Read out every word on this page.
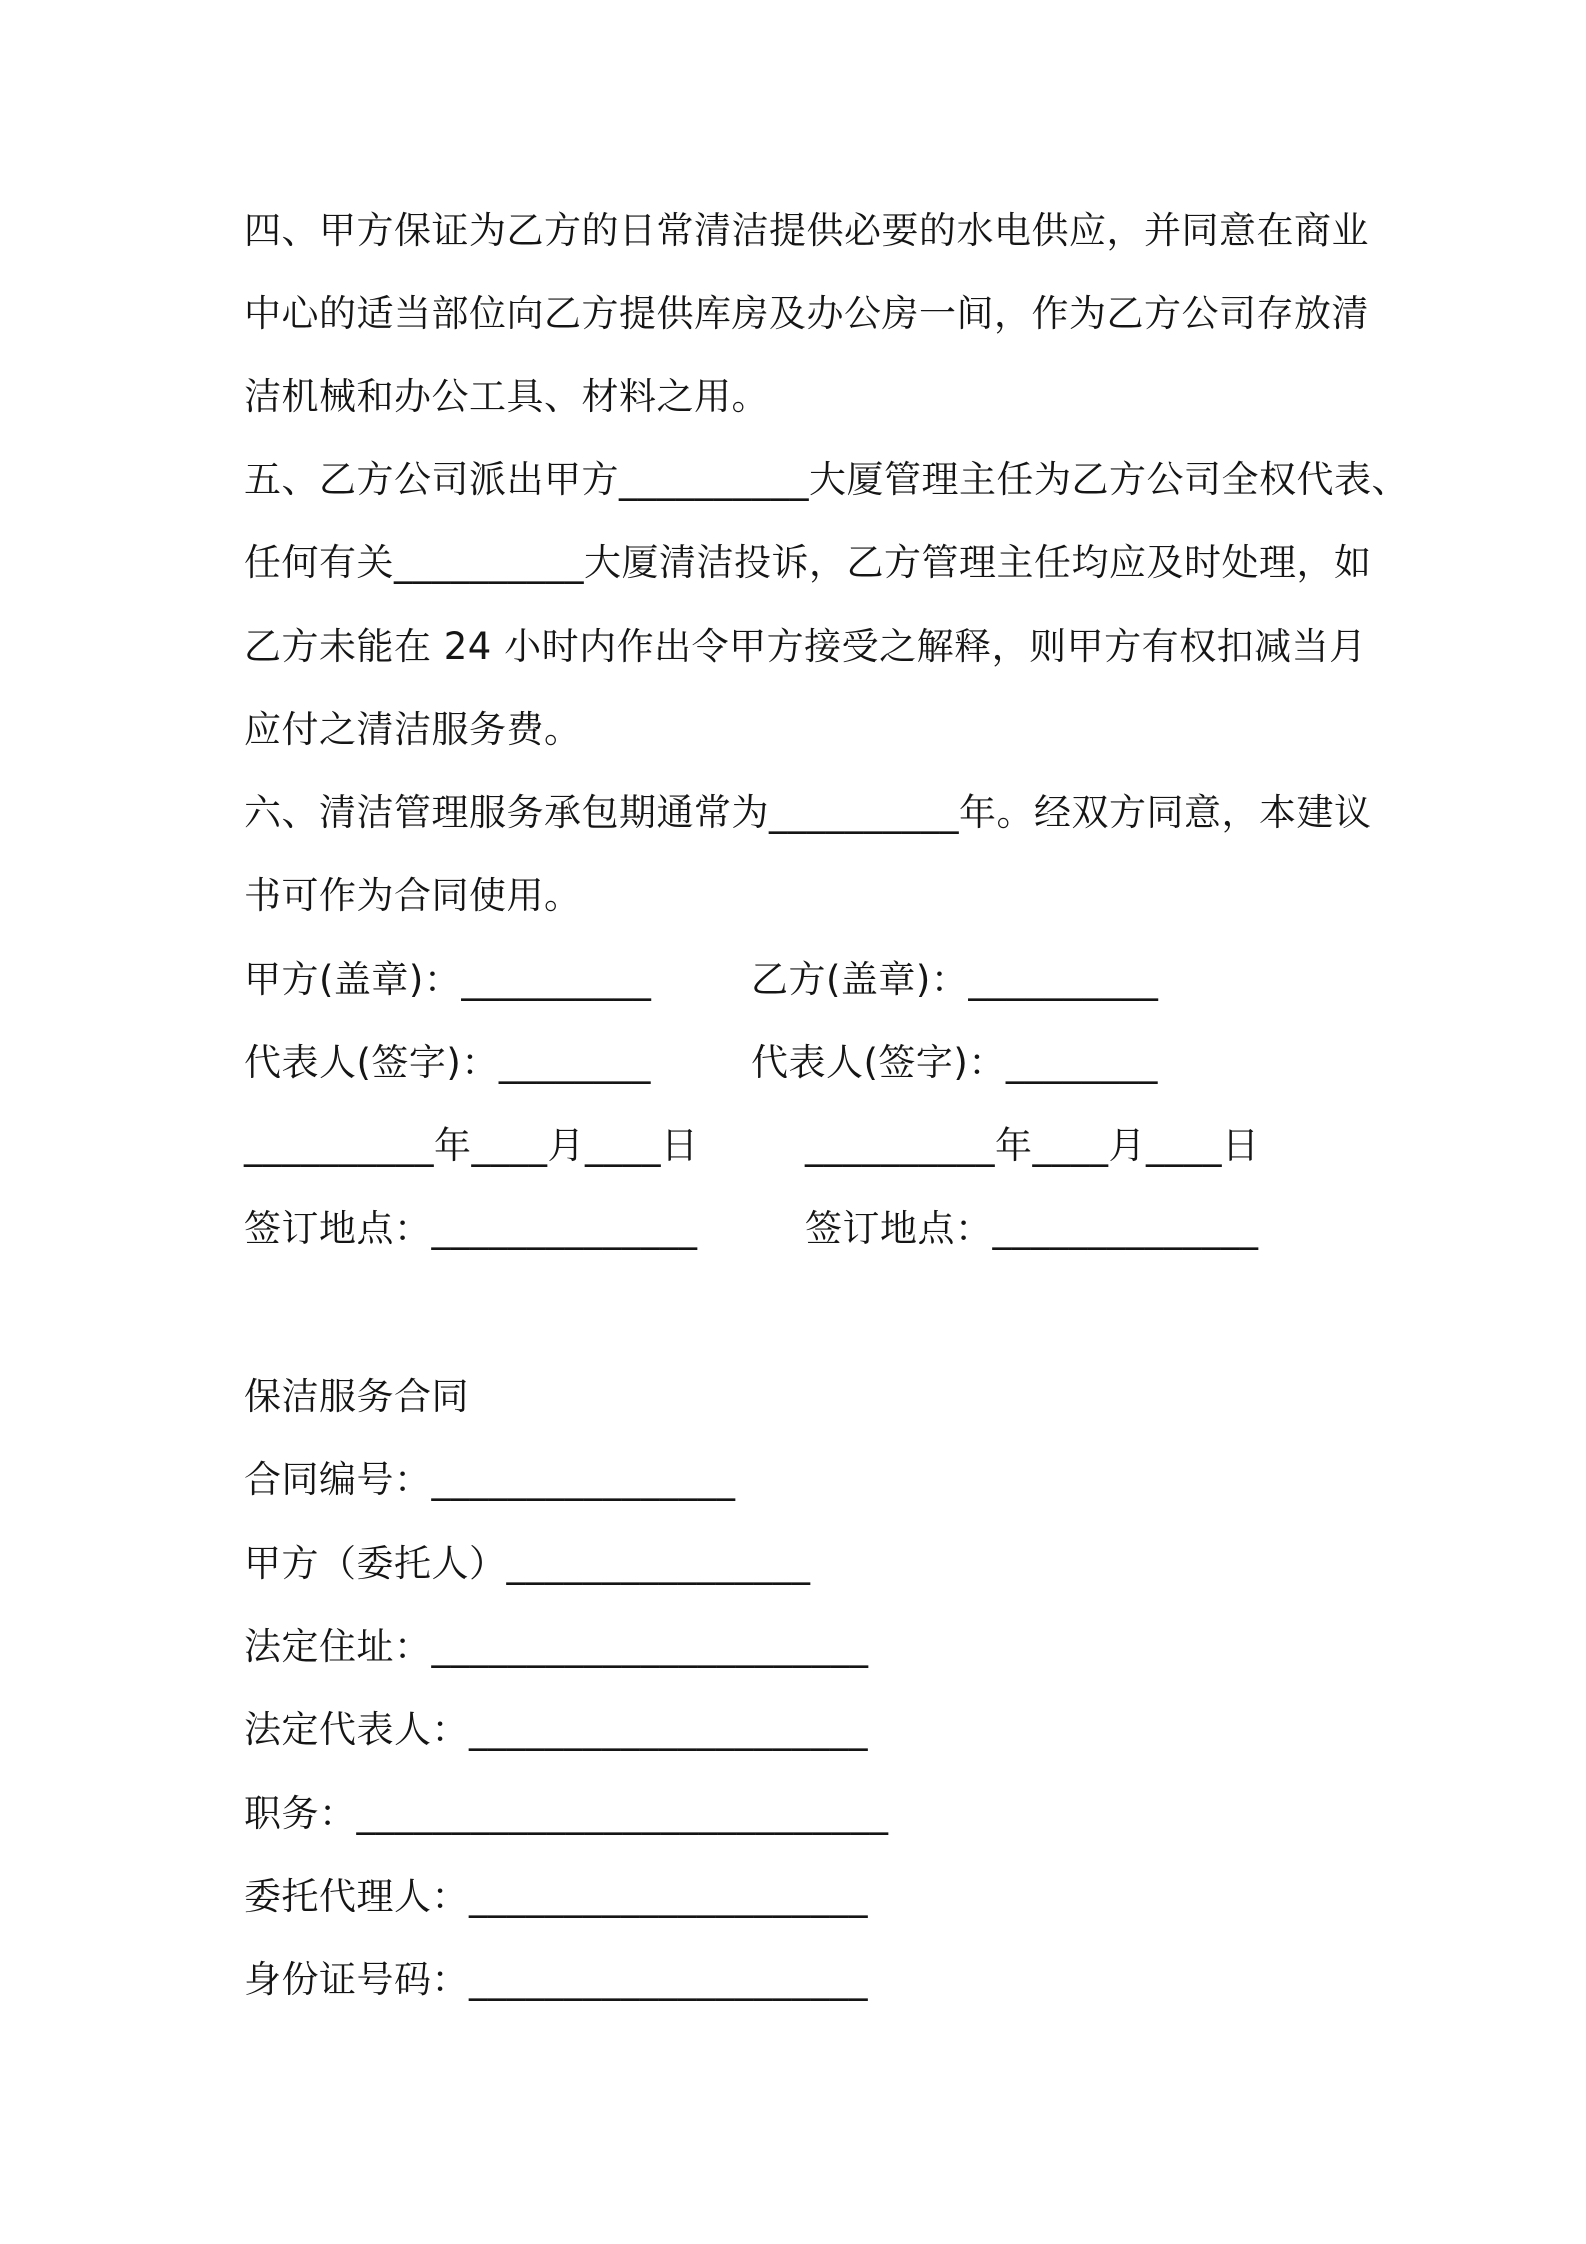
四、甲方保证为乙方的日常清洁提供必要的水电供应，并同意在商业
中心的适当部位向乙方提供库房及办公房一间，作为乙方公司存放清
洁机械和办公工具、材料之用。
五、乙方公司派出甲方__________大厦管理主任为乙方公司全权代表、
任何有关__________大厦清洁投诉，乙方管理主任均应及时处理，如
乙方未能在 24 小时内作出令甲方接受之解释，则甲方有权扣减当月
应付之清洁服务费。
六、清洁管理服务承包期通常为__________年。经双方同意，本建议
书可作为合同使用。
甲方(盖章)：__________	乙方(盖章)：__________
代表人(签字)：________	代表人(签字)：________
__________年____月____日	__________年____月____日
签订地点：______________	签订地点：______________
保洁服务合同
合同编号：________________
甲方（委托人）________________
法定住址：_______________________
法定代表人：_____________________
职务：____________________________
委托代理人：_____________________
身份证号码：_____________________
